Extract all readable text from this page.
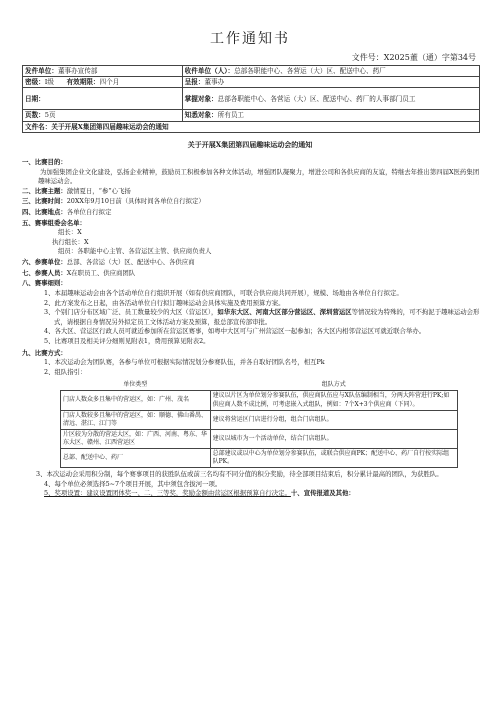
工作通知书
文件号：X2025董（通）字第34号
发件单位：董事办宣传部	收件单位（人）：总部各职能中心、各营运（大）区、配送中心、药厂
密级：I级 有效期限：四个月	呈报：董事办
日期：	掌握对象：总部各职能中心、各营运（大）区、配送中心、药厂的人事部门员工
页数：5页	知悉对象：所有员工
文件名：关于开展X集团第四届趣味运动会的通知	
关于开展X集团第四届趣味运动会的通知

一、比赛目的：

为加强集团企业文化建设，弘扬企业精神，鼓励员工积极参加各种文体活动，增强团队凝聚力，增进公司和各供应商的友谊，特继去年推出第四届X医药集团趣味运动会。

二、比赛主题：激情夏日，“参”心飞扬

三、比赛时间：20XX年9月10日前（具体时间各单位自行拟定）

四、比赛地点：各单位自行拟定

五、赛事组委会名单：

组长：X

执行组长：X

组员：各职能中心主管、各营运区主管、供应商负责人

六、参赛单位：总部、各营运（大）区、配送中心、各供应商

七、参赛人员：X在职员工、供应商团队

八、赛事细则：

1、本届趣味运动会由各个活动单位自行组织开展（如有供应商团队，可联合供应商共同开展），规模、场地由各单位自行拟定。

2、此方案发布之日起，由各活动单位自行拟订趣味运动会具体实施及费用预算方案。

3、个别门店分布区域广泛、员工数量较少的大区（营运区），如华东大区、河南大区部分营运区、深圳营运区等情况较为特殊的，可不拘泥于趣味运动会形式，请根据自身情况另外拟定员工文体活动方案及预算，报总部宣传部审批。

4、各大区、营运区行政人员可就近参加所在营运区赛事，如粤中大区可与广州营运区一起参加；各大区内相邻营运区可就近联合举办。

5、比赛项目及相关评分细则见附表1，费用预算见附表2。

九、比赛方式：

1、本次运动会为团队赛，各参与单位可根据实际情况划分参赛队伍，并各自取好团队名号，相互Pk

2、组队指引：

单位类型	组队方式
门店人数众多且集中的营运区，如：广州、茂名	建议以片区为单位划分参赛队伍，供应商队伍应与X队伍编制相当，分两大阵营进行PK;如供应商人数不成比例，可考虑嵌入式组队，例如：7个X+3个供应商（下同）。
门店人数较多且集中的营运区，如：顺德、佛山番禺、清远、湛江、江门等	建议将营运区门店进行分组，组合门店组队。
片区较为分散的营运大区，如：广西、河南、粤东、华东大区、赣州、江西营运区	建议以城市为一个活动单位，结合门店组队。
总部、配送中心、药厂	总部建议或以中心为单位划分参赛队伍，或联合供应商PK；配送中心、药厂自行按实际组队PK。

3、本次运动会采用积分制，每个赛事项目的获胜队伍或前三名均有不同分值的积分奖励，待全部项目结束后，积分累计最高的团队，为获胜队。

4、每个单位必须选择5~7个项目开展，其中须包含拔河一项。

5、奖项设置：建议设置团体奖一、二、三等奖，奖励金额由营运区根据预算自行决定。十、宣传报道及其他：
